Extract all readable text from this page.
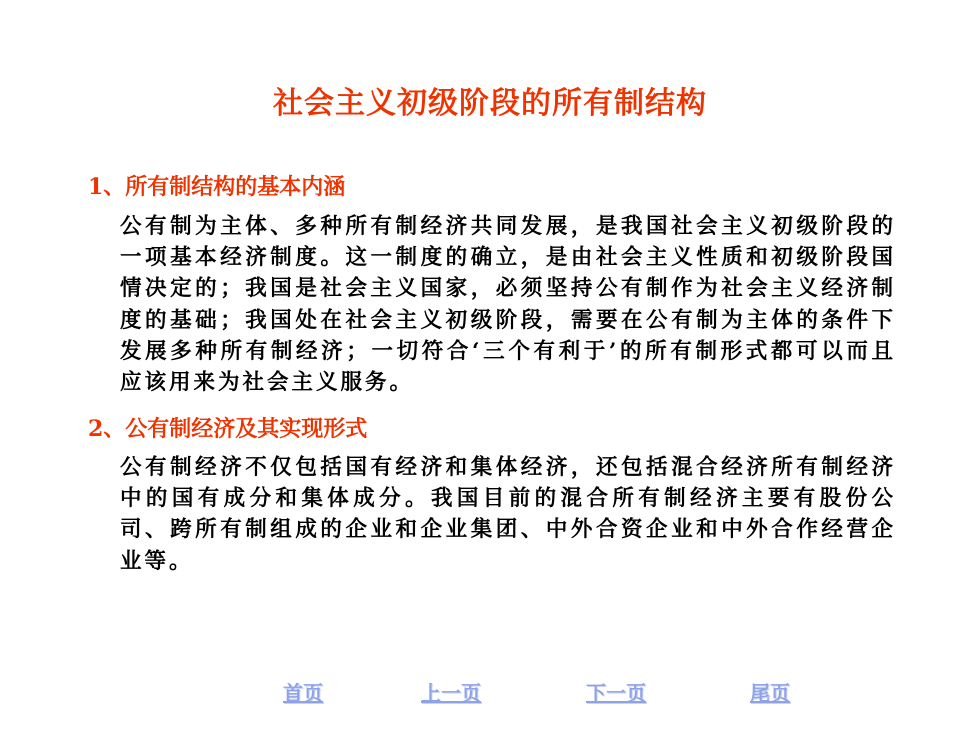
社会主义初级阶段的所有制结构
1、所有制结构的基本内涵

公有制为主体、多种所有制经济共同发展，是我国社会主义初级阶段的一项基本经济制度。这一制度的确立，是由社会主义性质和初级阶段国情决定的；我国是社会主义国家，必须坚持公有制作为社会主义经济制度的基础；我国处在社会主义初级阶段，需要在公有制为主体的条件下发展多种所有制经济；一切符合‘三个有利于’的所有制形式都可以而且应该用来为社会主义服务。

2、公有制经济及其实现形式

公有制经济不仅包括国有经济和集体经济，还包括混合经济所有制经济中的国有成分和集体成分。我国目前的混合所有制经济主要有股份公司、跨所有制组成的企业和企业集团、中外合资企业和中外合作经营企业等。

首页	上一页	下一页	尾页
